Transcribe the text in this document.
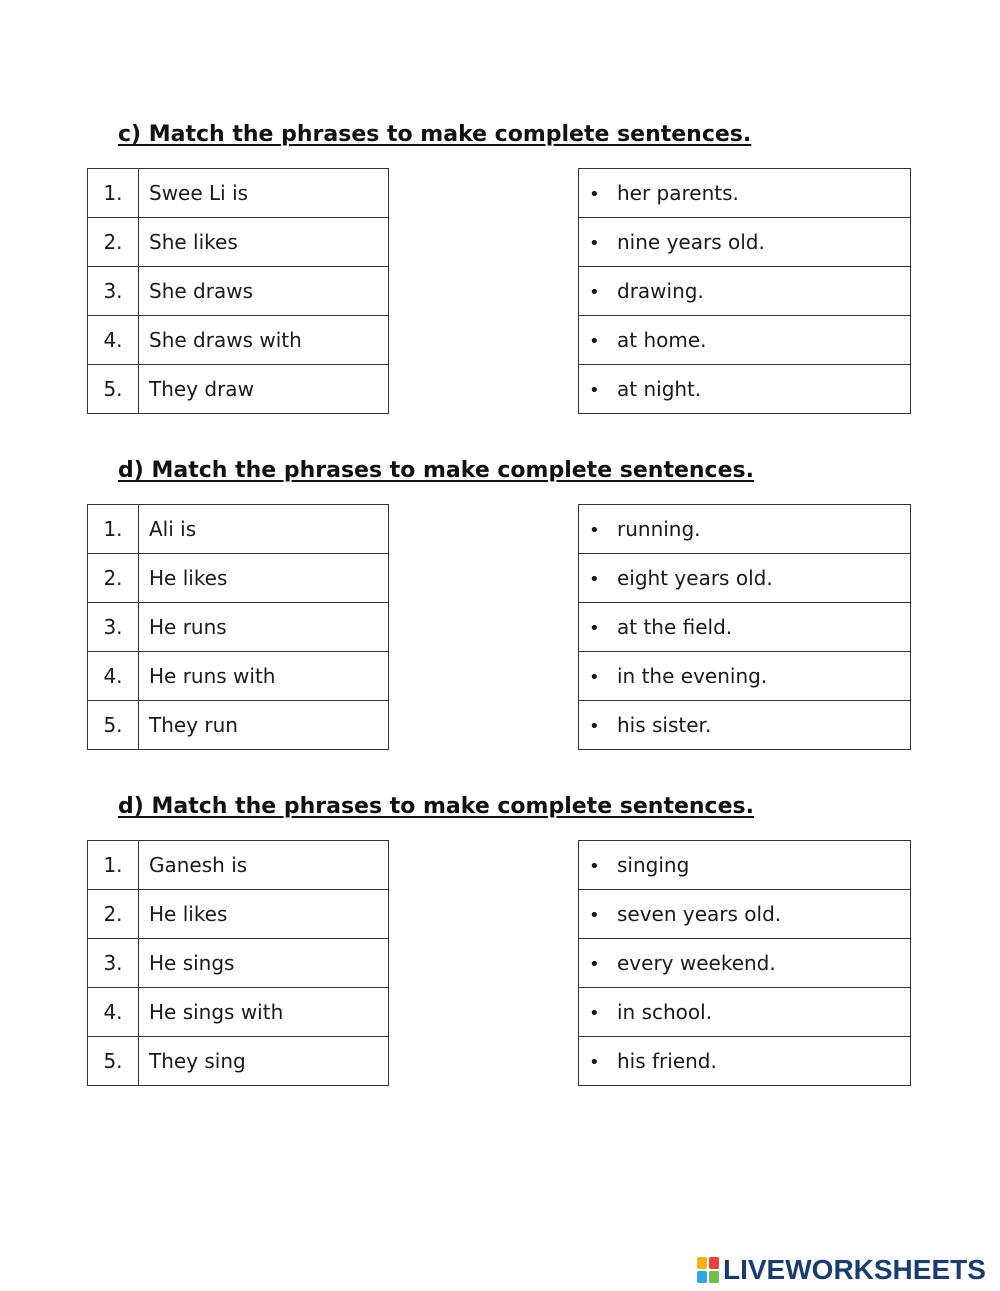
c) Match the phrases to make complete sentences.
1.	Swee Li is
2.	She likes
3.	She draws
4.	She draws with
5.	They draw
• her parents.
• nine years old.
• drawing.
• at home.
• at night.
d) Match the phrases to make complete sentences.
1.	Ali is
2.	He likes
3.	He runs
4.	He runs with
5.	They run
• running.
• eight years old.
• at the field.
• in the evening.
• his sister.
d) Match the phrases to make complete sentences.
1.	Ganesh is
2.	He likes
3.	He sings
4.	He sings with
5.	They sing
• singing
• seven years old.
• every weekend.
• in school.
• his friend.
LIVEWORKSHEETS
